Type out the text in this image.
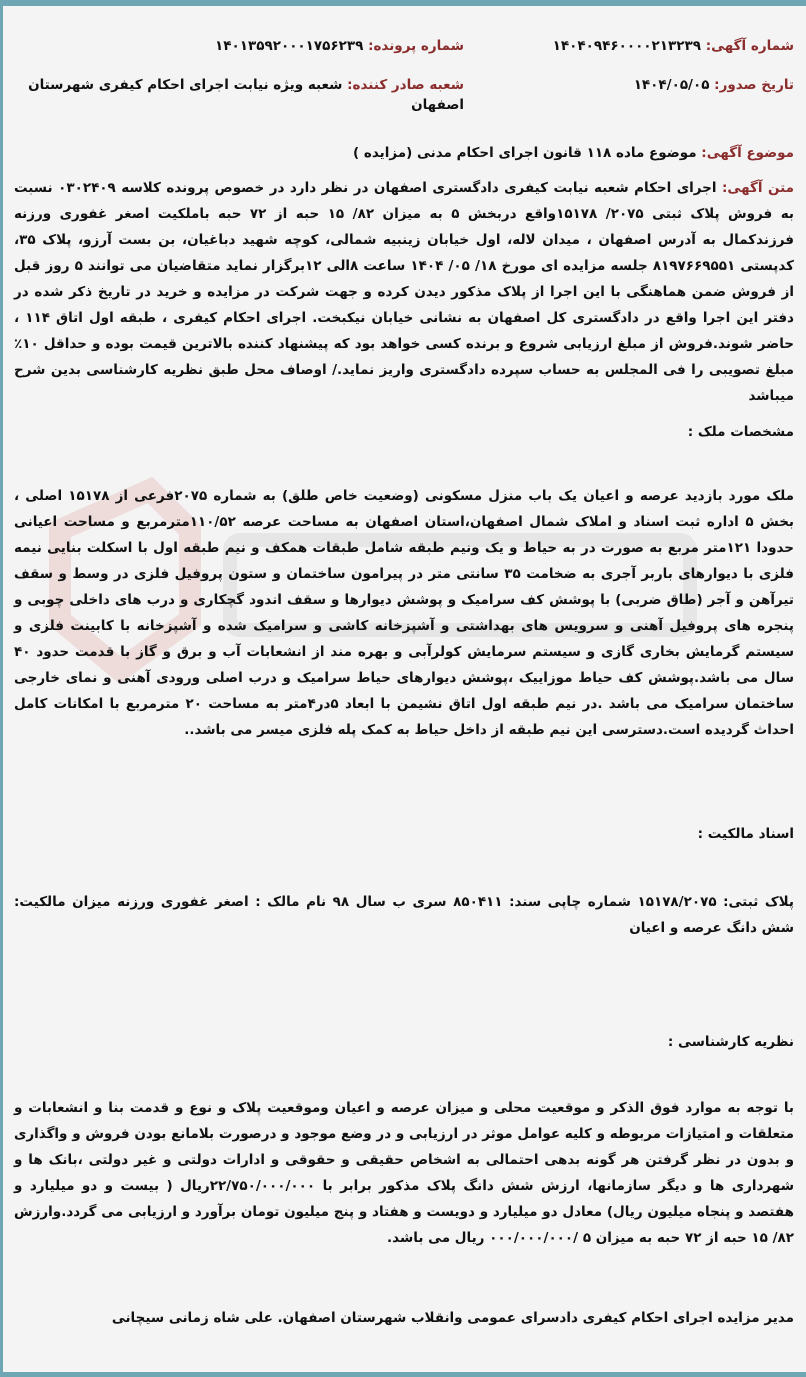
شماره آگهی: ۱۴۰۴۰۹۴۶۰۰۰۰۲۱۳۲۳۹
شماره پرونده: ۱۴۰۱۳۵۹۲۰۰۰۱۷۵۶۲۳۹
تاریخ صدور: ۱۴۰۴/۰۵/۰۵
شعبه صادر کننده: شعبه ویژه نیابت اجرای احکام کیفری شهرستان اصفهان
موضوع آگهی: موضوع ماده ۱۱۸ قانون اجرای احکام مدنی (مزایده )
متن آگهی: اجرای احکام شعبه نیابت کیفری دادگستری اصفهان در نظر دارد در خصوص پرونده کلاسه ۰۳۰۲۴۰۹ نسبت به فروش پلاک ثبتی ۲۰۷۵/ ۱۵۱۷۸واقع دربخش ۵ به میزان ۸۲/ ۱۵ حبه از ۷۲ حبه باملکیت اصغر غفوری ورزنه فرزندکمال به آدرس اصفهان ، میدان لاله، اول خیابان زینبیه شمالی، کوچه شهید دباغیان، بن بست آرزو، پلاک ۳۵، کدپستی ۸۱۹۷۶۶۹۵۵۱ جلسه مزایده ای مورخ ۱۸/ ۰۵/ ۱۴۰۴ ساعت ۸الی ۱۲برگزار نماید متقاضیان می توانند ۵ روز قبل از فروش ضمن هماهنگی با این اجرا از پلاک مذکور دیدن کرده و جهت شرکت در مزایده و خرید در تاریخ ذکر شده در دفتر این اجرا واقع در دادگستری کل اصفهان به نشانی خیابان نیکبخت. اجرای احکام کیفری ، طبقه اول اتاق ۱۱۴ ، حاضر شوند.فروش از مبلغ ارزیابی شروع و برنده کسی خواهد بود که پیشنهاد کننده بالاترین قیمت بوده و حداقل ۱۰٪ مبلغ تصویبی را فی المجلس به حساب سپرده دادگستری واریز نماید./ اوصاف محل طبق نظریه کارشناسی بدین شرح میباشد
مشخصات ملک :
ملک مورد بازدید عرصه و اعیان یک باب منزل مسکونی (وضعیت خاص طلق) به شماره ۲۰۷۵فرعی از ۱۵۱۷۸ اصلی ، بخش ۵ اداره ثبت اسناد و املاک شمال اصفهان،استان اصفهان به مساحت عرصه ۱۱۰/۵۲مترمربع و مساحت اعیانی حدودا ۱۲۱متر مربع به صورت در به حیاط و یک ونیم طبقه شامل طبقات همکف و نیم طبقه اول با اسکلت بنایی نیمه فلزی با دیوارهای باربر آجری به ضخامت ۳۵ سانتی متر در پیرامون ساختمان و ستون پروفیل فلزی در وسط و سقف تیرآهن و آجر (طاق ضربی) با پوشش کف سرامیک و پوشش دیوارها و سقف اندود گچکاری و درب های داخلی چوبی و پنجره های پروفیل آهنی و سرویس های بهداشتی و آشپزخانه کاشی و سرامیک شده و آشپزخانه با کابینت فلزی و سیستم گرمایش بخاری گازی و سیستم سرمایش کولرآبی و بهره مند از انشعابات آب و برق و گاز با قدمت حدود ۴۰ سال می باشد.پوشش کف حیاط موزاییک ،پوشش دیوارهای حیاط سرامیک و درب اصلی ورودی آهنی و نمای خارجی ساختمان سرامیک می باشد .در نیم طبقه اول اتاق نشیمن با ابعاد ۵در۴متر به مساحت ۲۰ مترمربع با امکانات کامل احداث گردیده است.دسترسی این نیم طبقه از داخل حیاط به کمک پله فلزی میسر می باشد..
اسناد مالکیت :
پلاک ثبتی: ۱۵۱۷۸/۲۰۷۵ شماره چاپی سند: ۸۵۰۴۱۱ سری ب سال ۹۸ نام مالک : اصغر غفوری ورزنه میزان مالکیت: شش دانگ عرصه و اعیان
نظریه کارشناسی :
با توجه به موارد فوق الذکر و موقعیت محلی و میزان عرصه و اعیان وموقعیت پلاک و نوع و قدمت بنا و انشعابات و متعلقات و امتیازات مربوطه و کلیه عوامل موثر در ارزیابی و در وضع موجود و درصورت بلامانع بودن فروش و واگذاری و بدون در نظر گرفتن هر گونه بدهی احتمالی به اشخاص حقیقی و حقوقی و ادارات دولتی و غیر دولتی ،بانک ها و شهرداری ها و دیگر سازمانها، ارزش شش دانگ پلاک مذکور برابر با ۲۲/۷۵۰/۰۰۰/۰۰۰ریال ( بیست و دو میلیارد و هفتصد و پنجاه میلیون ریال) معادل دو میلیارد و دویست و هفتاد و پنج میلیون تومان برآورد و ارزیابی می گردد.وارزش ۸۲/ ۱۵ حبه از ۷۲ حبه به میزان ۵ /۰۰۰/۰۰۰/۰۰۰ ریال می باشد.
مدیر مزایده اجرای احکام کیفری دادسرای عمومی وانقلاب شهرستان اصفهان. علی شاه زمانی سیچانی
